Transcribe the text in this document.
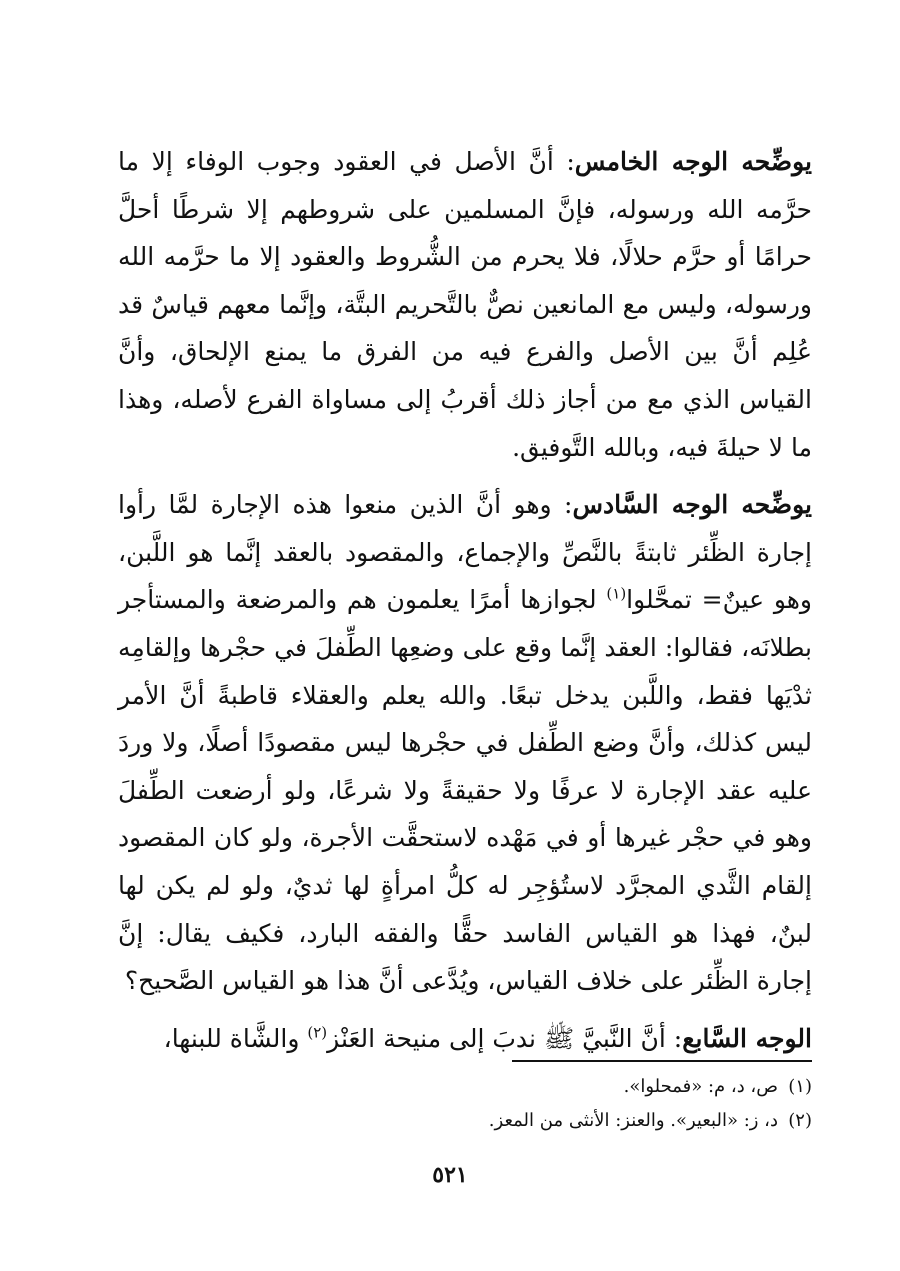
يوضِّحه الوجه الخامس: أنَّ الأصل في العقود وجوب الوفاء إلا ما حرَّمه الله ورسوله، فإنَّ المسلمين على شروطهم إلا شرطًا أحلَّ حرامًا أو حرَّم حلالًا، فلا يحرم من الشُّروط والعقود إلا ما حرَّمه الله ورسوله، وليس مع المانعين نصٌّ بالتَّحريم البتَّة، وإنَّما معهم قياسٌ قد عُلِم أنَّ بين الأصل والفرع فيه من الفرق ما يمنع الإلحاق، وأنَّ القياس الذي مع من أجاز ذلك أقربُ إلى مساواة الفرع لأصله، وهذا ما لا حيلةَ فيه، وبالله التَّوفيق.

يوضِّحه الوجه السَّادس: وهو أنَّ الذين منعوا هذه الإجارة لمَّا رأوا إجارة الظِّئر ثابتةً بالنَّصِّ والإجماع، والمقصود بالعقد إنَّما هو اللَّبن، وهو عينٌ= تمحَّلوا$^{(١)}$ لجوازها أمرًا يعلمون هم والمرضعة والمستأجر بطلانَه، فقالوا: العقد إنَّما وقع على وضعِها الطِّفلَ في حجْرها وإلقامِه ثدْيَها فقط، واللَّبن يدخل تبعًا. والله يعلم والعقلاء قاطبةً أنَّ الأمر ليس كذلك، وأنَّ وضع الطِّفل في حجْرها ليس مقصودًا أصلًا، ولا وردَ عليه عقد الإجارة لا عرفًا ولا حقيقةً ولا شرعًا، ولو أرضعت الطِّفلَ وهو في حجْر غيرها أو في مَهْده لاستحقَّت الأجرة، ولو كان المقصود إلقام الثَّدي المجرَّد لاستُؤجِر له كلُّ امرأةٍ لها ثديٌ، ولو لم يكن لها لبنٌ، فهذا هو القياس الفاسد حقًّا والفقه البارد، فكيف يقال: إنَّ إجارة الظِّئر على خلاف القياس، ويُدَّعى أنَّ هذا هو القياس الصَّحيح؟

الوجه السَّابع: أنَّ النَّبيَّ ﷺ ندبَ إلى منيحة العَنْز$^{(٢)}$ والشَّاة للبنها،

(١)ص، د، م: «فمحلوا».
(٢)د، ز: «البعير». والعنز: الأنثى من المعز.
٥٢١
